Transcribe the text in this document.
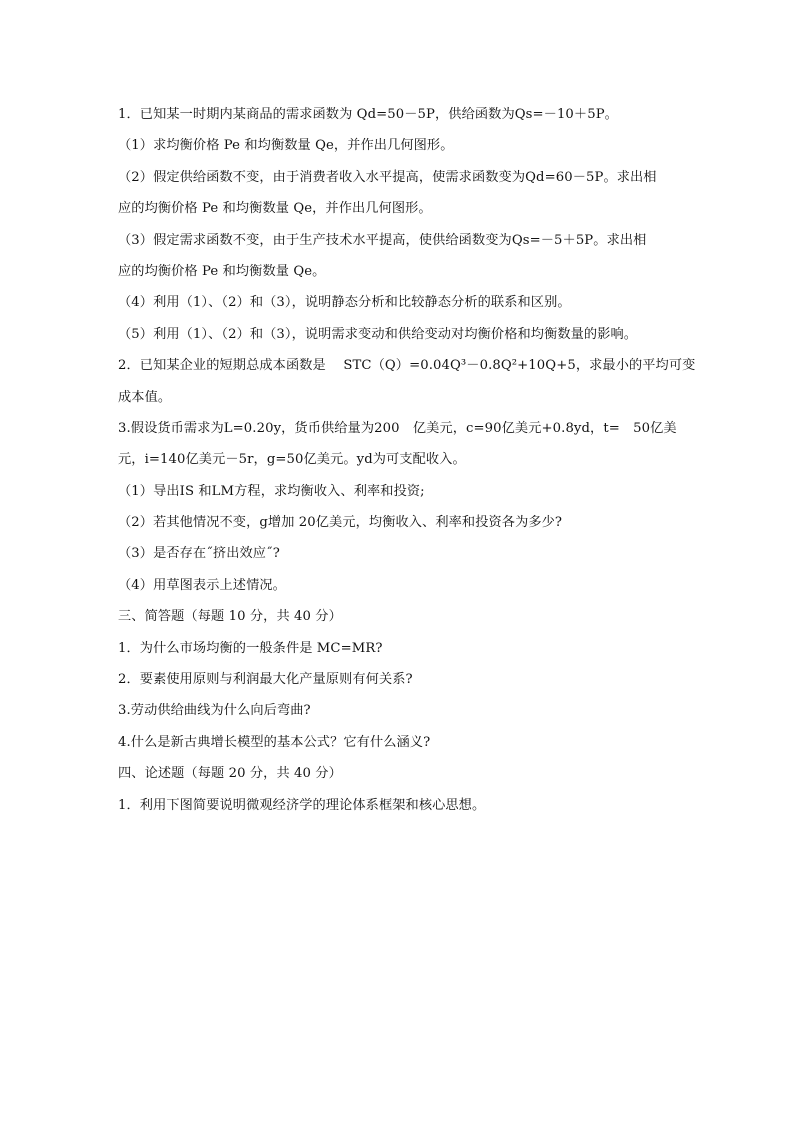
1．已知某一时期内某商品的需求函数为 Qd=50－5P，供给函数为Qs=－10＋5P。
（1）求均衡价格 Pe 和均衡数量 Qe，并作出几何图形。
（2）假定供给函数不变，由于消费者收入水平提高，使需求函数变为Qd=60－5P。求出相
应的均衡价格 Pe 和均衡数量 Qe，并作出几何图形。
（3）假定需求函数不变，由于生产技术水平提高，使供给函数变为Qs=－5＋5P。求出相
应的均衡价格 Pe 和均衡数量 Qe。
（4）利用（1）、（2）和（3），说明静态分析和比较静态分析的联系和区别。
（5）利用（1）、（2）和（3），说明需求变动和供给变动对均衡价格和均衡数量的影响。
2．已知某企业的短期总成本函数是　 STC（Q）=0.04Q³－0.8Q²+10Q+5，求最小的平均可变
成本值。
3.假设货币需求为L=0.20y，货币供给量为200　亿美元，c=90亿美元+0.8yd，t=　50亿美
元，i=140亿美元－5r，g=50亿美元。yd为可支配收入。
（1）导出IS 和LM方程，求均衡收入、利率和投资;
（2）若其他情况不变，g增加 20亿美元，均衡收入、利率和投资各为多少?
（3）是否存在˝挤出效应˝?
（4）用草图表示上述情况。
三、简答题（每题 10 分，共 40 分）
1．为什么市场均衡的一般条件是 MC=MR?
2．要素使用原则与利润最大化产量原则有何关系?
3.劳动供给曲线为什么向后弯曲?
4.什么是新古典增长模型的基本公式？它有什么涵义?
四、论述题（每题 20 分，共 40 分）
1．利用下图简要说明微观经济学的理论体系框架和核心思想。
